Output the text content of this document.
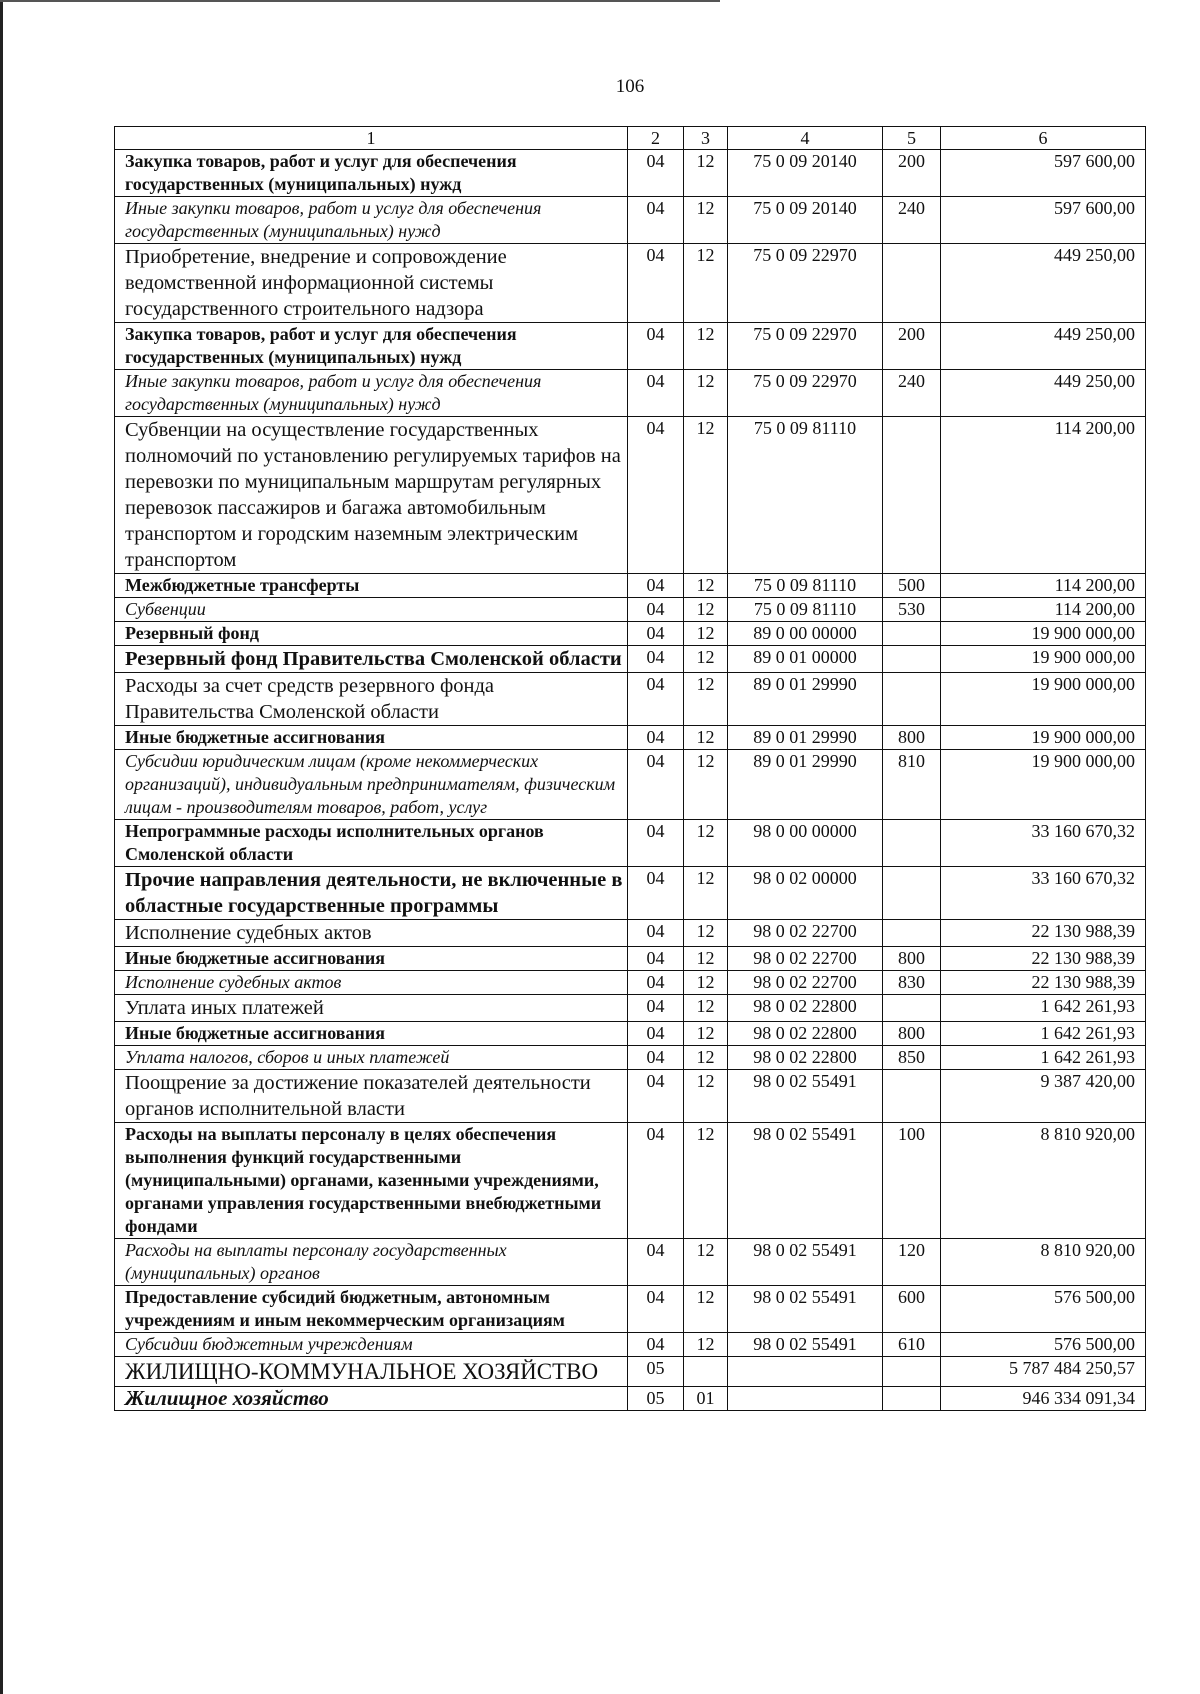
106
1	2	3	4	5	6
Закупка товаров, работ и услуг для обеспечения государственных (муниципальных) нужд	04	12	75 0 09 20140	200	597 600,00
Иные закупки товаров, работ и услуг для обеспечения государственных (муниципальных) нужд	04	12	75 0 09 20140	240	597 600,00
Приобретение, внедрение и сопровождение ведомственной информационной системы государственного строительного надзора	04	12	75 0 09 22970		449 250,00
Закупка товаров, работ и услуг для обеспечения государственных (муниципальных) нужд	04	12	75 0 09 22970	200	449 250,00
Иные закупки товаров, работ и услуг для обеспечения государственных (муниципальных) нужд	04	12	75 0 09 22970	240	449 250,00
Субвенции на осуществление государственных полномочий по установлению регулируемых тарифов на перевозки по муниципальным маршрутам регулярных перевозок пассажиров и багажа автомобильным транспортом и городским наземным электрическим транспортом	04	12	75 0 09 81110		114 200,00
Межбюджетные трансферты	04	12	75 0 09 81110	500	114 200,00
Субвенции	04	12	75 0 09 81110	530	114 200,00
Резервный фонд	04	12	89 0 00 00000		19 900 000,00
Резервный фонд Правительства Смоленской области	04	12	89 0 01 00000		19 900 000,00
Расходы за счет средств резервного фонда Правительства Смоленской области	04	12	89 0 01 29990		19 900 000,00
Иные бюджетные ассигнования	04	12	89 0 01 29990	800	19 900 000,00
Субсидии юридическим лицам (кроме некоммерческих организаций), индивидуальным предпринимателям, физическим лицам - производителям товаров, работ, услуг	04	12	89 0 01 29990	810	19 900 000,00
Непрограммные расходы исполнительных органов Смоленской области	04	12	98 0 00 00000		33 160 670,32
Прочие направления деятельности, не включенные в областные государственные программы	04	12	98 0 02 00000		33 160 670,32
Исполнение судебных актов	04	12	98 0 02 22700		22 130 988,39
Иные бюджетные ассигнования	04	12	98 0 02 22700	800	22 130 988,39
Исполнение судебных актов	04	12	98 0 02 22700	830	22 130 988,39
Уплата иных платежей	04	12	98 0 02 22800		1 642 261,93
Иные бюджетные ассигнования	04	12	98 0 02 22800	800	1 642 261,93
Уплата налогов, сборов и иных платежей	04	12	98 0 02 22800	850	1 642 261,93
Поощрение за достижение показателей деятельности органов исполнительной власти	04	12	98 0 02 55491		9 387 420,00
Расходы на выплаты персоналу в целях обеспечения выполнения функций государственными (муниципальными) органами, казенными учреждениями, органами управления государственными внебюджетными фондами	04	12	98 0 02 55491	100	8 810 920,00
Расходы на выплаты персоналу государственных (муниципальных) органов	04	12	98 0 02 55491	120	8 810 920,00
Предоставление субсидий бюджетным, автономным учреждениям и иным некоммерческим организациям	04	12	98 0 02 55491	600	576 500,00
Субсидии бюджетным учреждениям	04	12	98 0 02 55491	610	576 500,00
ЖИЛИЩНО-КОММУНАЛЬНОЕ ХОЗЯЙСТВО	05				5 787 484 250,57
Жилищное хозяйство	05	01			946 334 091,34
